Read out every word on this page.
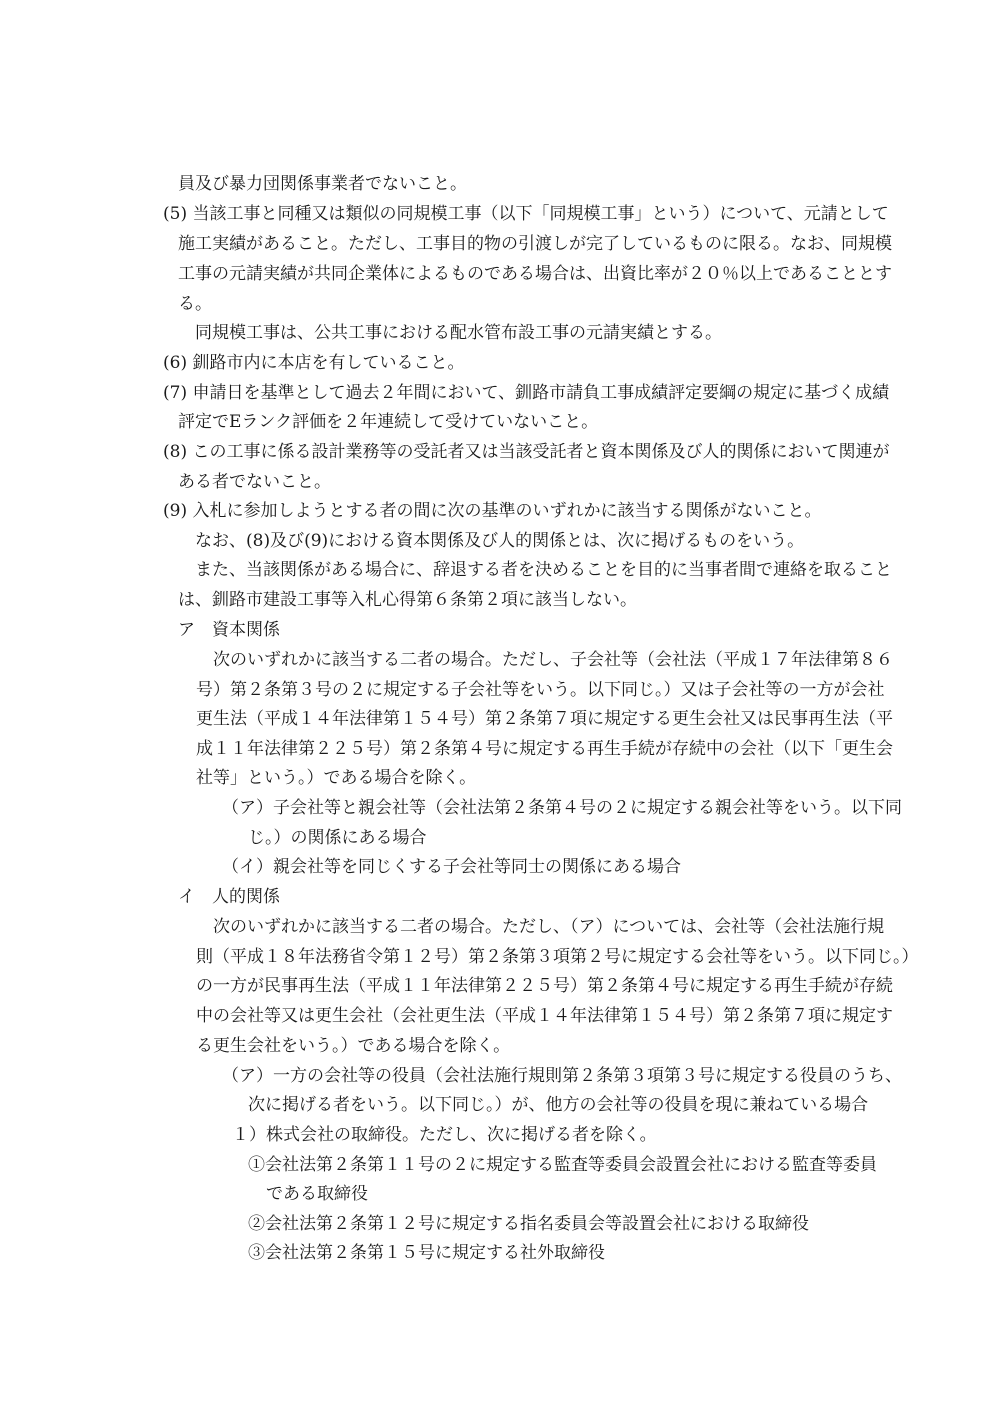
員及び暴力団関係事業者でないこと。
(5) 当該工事と同種又は類似の同規模工事（以下「同規模工事」という）について、元請として
施工実績があること。ただし、工事目的物の引渡しが完了しているものに限る。なお、同規模
工事の元請実績が共同企業体によるものである場合は、出資比率が２０％以上であることとす
る。
同規模工事は、公共工事における配水管布設工事の元請実績とする。
(6) 釧路市内に本店を有していること。
(7) 申請日を基準として過去２年間において、釧路市請負工事成績評定要綱の規定に基づく成績
評定でEランク評価を２年連続して受けていないこと。
(8) この工事に係る設計業務等の受託者又は当該受託者と資本関係及び人的関係において関連が
ある者でないこと。
(9) 入札に参加しようとする者の間に次の基準のいずれかに該当する関係がないこと。
なお、(8)及び(9)における資本関係及び人的関係とは、次に掲げるものをいう。
また、当該関係がある場合に、辞退する者を決めることを目的に当事者間で連絡を取ること
は、釧路市建設工事等入札心得第６条第２項に該当しない。
ア　資本関係
次のいずれかに該当する二者の場合。ただし、子会社等（会社法（平成１７年法律第８６
号）第２条第３号の２に規定する子会社等をいう。以下同じ。）又は子会社等の一方が会社
更生法（平成１４年法律第１５４号）第２条第７項に規定する更生会社又は民事再生法（平
成１１年法律第２２５号）第２条第４号に規定する再生手続が存続中の会社（以下「更生会
社等」という。）である場合を除く。
（ア）子会社等と親会社等（会社法第２条第４号の２に規定する親会社等をいう。以下同
じ。）の関係にある場合
（イ）親会社等を同じくする子会社等同士の関係にある場合
イ　人的関係
次のいずれかに該当する二者の場合。ただし、（ア）については、会社等（会社法施行規
則（平成１８年法務省令第１２号）第２条第３項第２号に規定する会社等をいう。以下同じ。）
の一方が民事再生法（平成１１年法律第２２５号）第２条第４号に規定する再生手続が存続
中の会社等又は更生会社（会社更生法（平成１４年法律第１５４号）第２条第７項に規定す
る更生会社をいう。）である場合を除く。
（ア）一方の会社等の役員（会社法施行規則第２条第３項第３号に規定する役員のうち、
次に掲げる者をいう。以下同じ。）が、他方の会社等の役員を現に兼ねている場合
１）株式会社の取締役。ただし、次に掲げる者を除く。
①会社法第２条第１１号の２に規定する監査等委員会設置会社における監査等委員
である取締役
②会社法第２条第１２号に規定する指名委員会等設置会社における取締役
③会社法第２条第１５号に規定する社外取締役
